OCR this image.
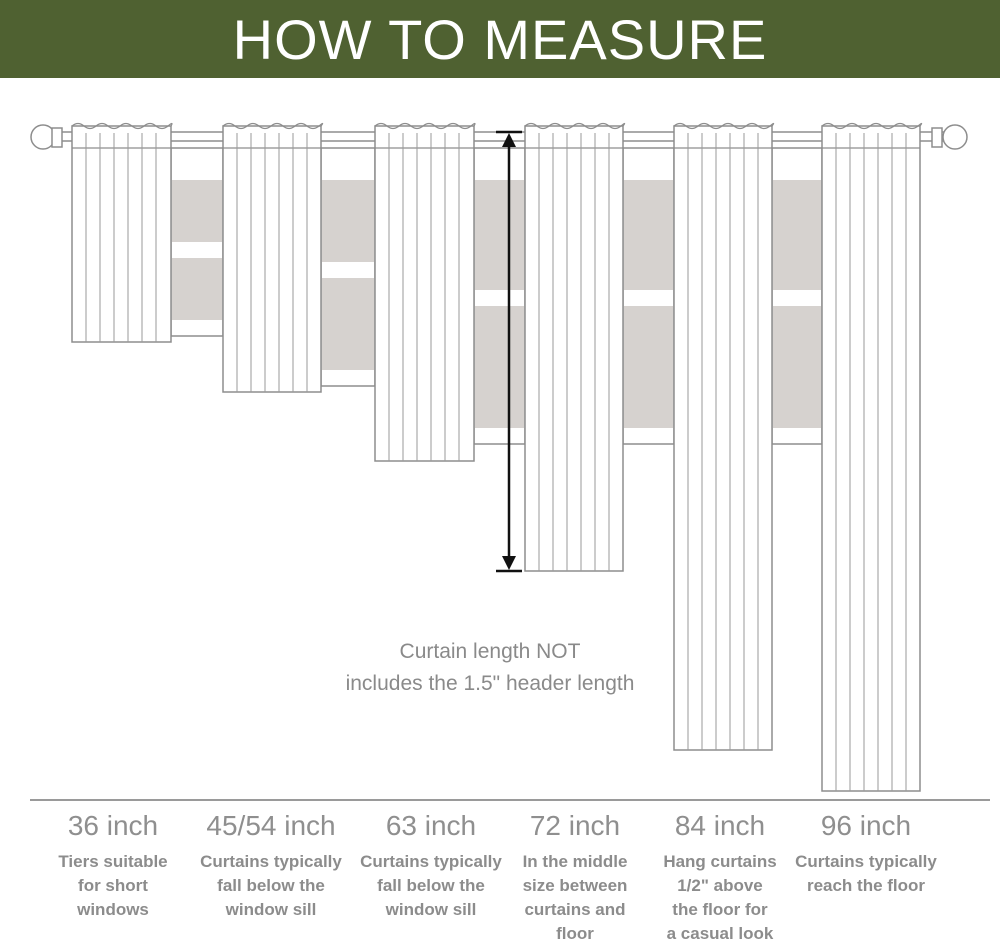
HOW TO MEASURE
Curtain length NOT
includes the 1.5" header length
36 inch
Tiers suitable
for short
windows
45/54 inch
Curtains typically
fall below the
window sill
63 inch
Curtains typically
fall below the
window sill
72 inch
In the middle
size between
curtains and
floor
84 inch
Hang curtains
1/2" above
the floor for
a casual look
96 inch
Curtains typically
reach the floor
